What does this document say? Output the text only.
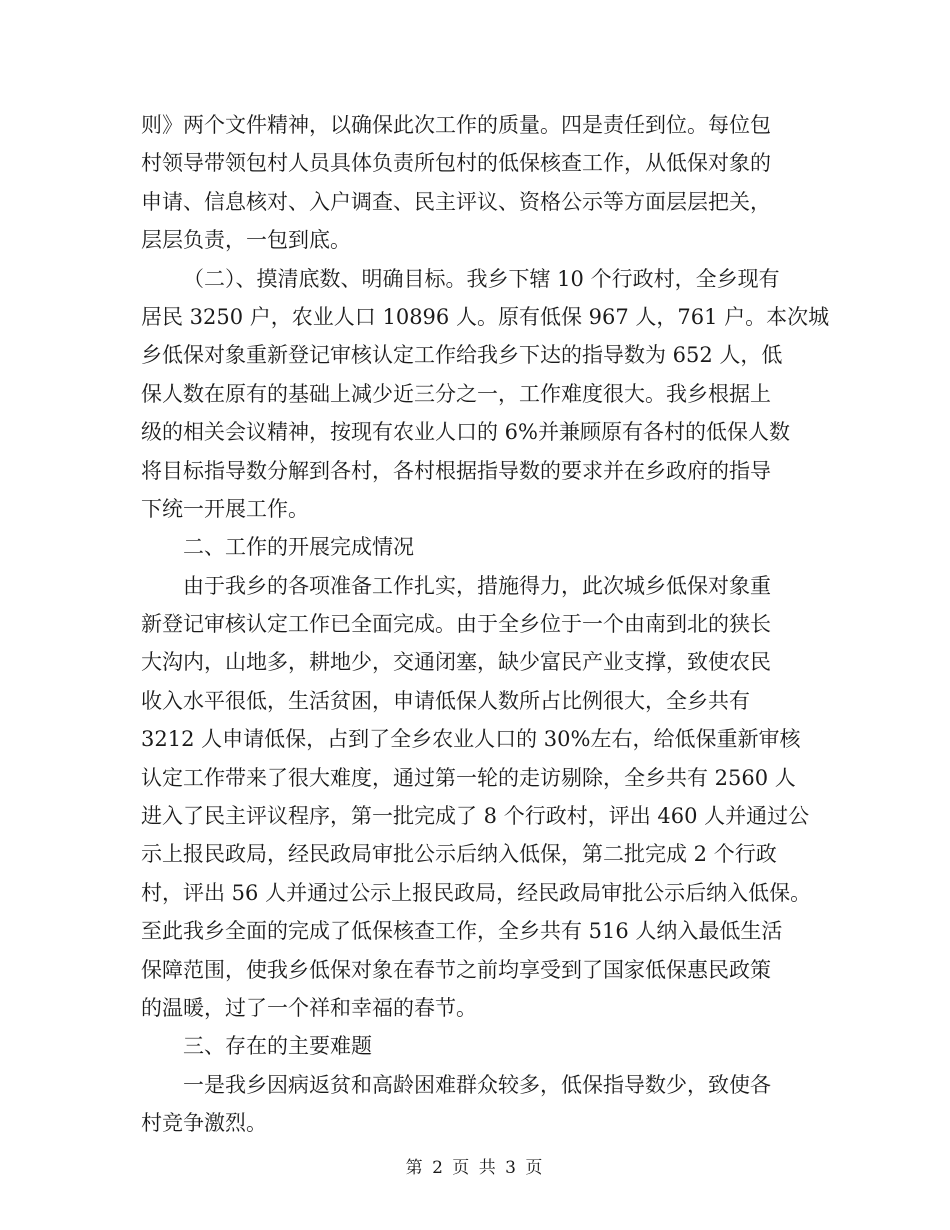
则》两个文件精神，以确保此次工作的质量。四是责任到位。每位包
村领导带领包村人员具体负责所包村的低保核查工作，从低保对象的
申请、信息核对、入户调查、民主评议、资格公示等方面层层把关，
层层负责，一包到底。
（二）、摸清底数、明确目标。我乡下辖 10 个行政村，全乡现有
居民 3250 户，农业人口 10896 人。原有低保 967 人，761 户。本次城
乡低保对象重新登记审核认定工作给我乡下达的指导数为 652 人，低
保人数在原有的基础上减少近三分之一，工作难度很大。我乡根据上
级的相关会议精神，按现有农业人口的 6%并兼顾原有各村的低保人数
将目标指导数分解到各村，各村根据指导数的要求并在乡政府的指导
下统一开展工作。
二、工作的开展完成情况
由于我乡的各项准备工作扎实，措施得力，此次城乡低保对象重
新登记审核认定工作已全面完成。由于全乡位于一个由南到北的狭长
大沟内，山地多，耕地少，交通闭塞，缺少富民产业支撑，致使农民
收入水平很低，生活贫困，申请低保人数所占比例很大，全乡共有
3212 人申请低保，占到了全乡农业人口的 30%左右，给低保重新审核
认定工作带来了很大难度，通过第一轮的走访剔除，全乡共有 2560 人
进入了民主评议程序，第一批完成了 8 个行政村，评出 460 人并通过公
示上报民政局，经民政局审批公示后纳入低保，第二批完成 2 个行政
村，评出 56 人并通过公示上报民政局，经民政局审批公示后纳入低保。
至此我乡全面的完成了低保核查工作，全乡共有 516 人纳入最低生活
保障范围，使我乡低保对象在春节之前均享受到了国家低保惠民政策
的温暖，过了一个祥和幸福的春节。
三、存在的主要难题
一是我乡因病返贫和高龄困难群众较多，低保指导数少，致使各
村竞争激烈。
第 2 页 共 3 页
